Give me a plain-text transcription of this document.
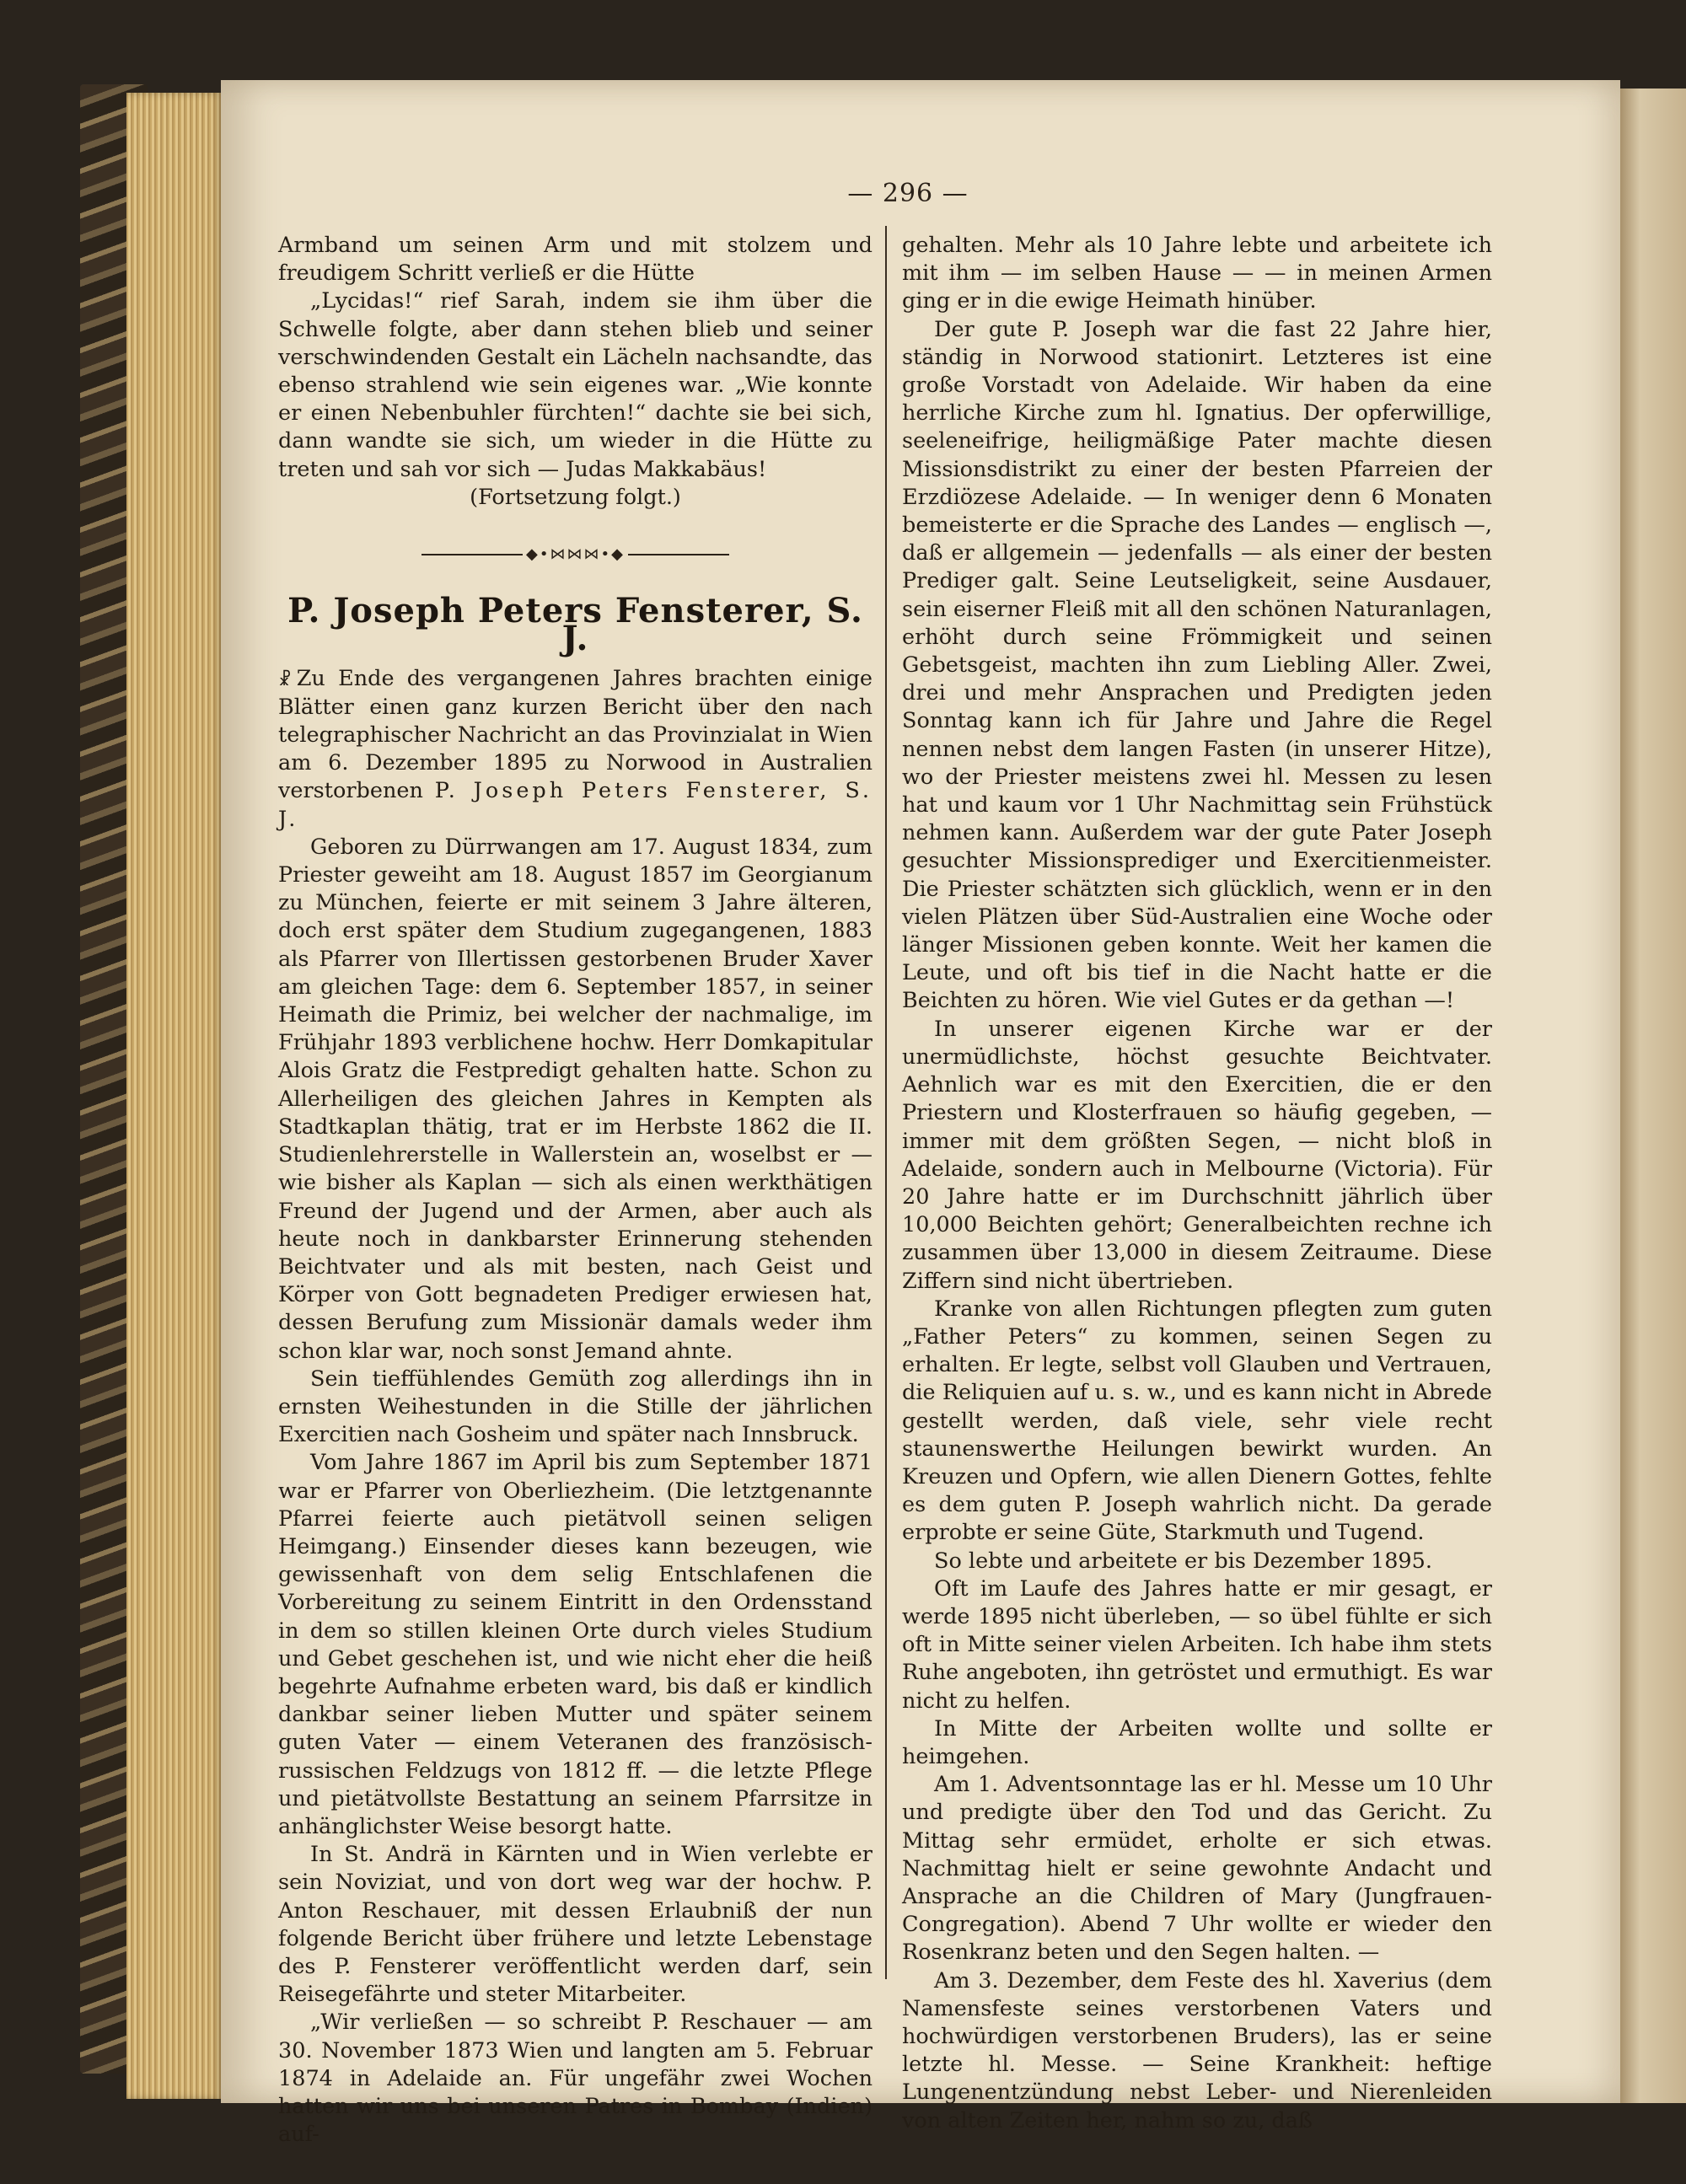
— 296 —

Armband um seinen Arm und mit stolzem und freudigem Schritt verließ er die Hütte

„Lycidas!“ rief Sarah, indem sie ihm über die Schwelle folgte, aber dann stehen blieb und seiner verschwindenden Gestalt ein Lächeln nachsandte, das ebenso strahlend wie sein eigenes war. „Wie konnte er einen Nebenbuhler fürchten!“ dachte sie bei sich, dann wandte sie sich, um wieder in die Hütte zu treten und sah vor sich — Judas Makkabäus!

(Fortsetzung folgt.)

◆•⋈⋈⋈•◆
P. Joseph Peters Fensterer, S. J.

☧ Zu Ende des vergangenen Jahres brachten einige Blätter einen ganz kurzen Bericht über den nach telegraphischer Nachricht an das Provinzialat in Wien am 6. Dezember 1895 zu Norwood in Australien verstorbenen P. Joseph Peters Fensterer, S. J.

Geboren zu Dürrwangen am 17. August 1834, zum Priester geweiht am 18. August 1857 im Georgianum zu München, feierte er mit seinem 3 Jahre älteren, doch erst später dem Studium zugegangenen, 1883 als Pfarrer von Illertissen gestorbenen Bruder Xaver am gleichen Tage: dem 6. September 1857, in seiner Heimath die Primiz, bei welcher der nachmalige, im Frühjahr 1893 verblichene hochw. Herr Domkapitular Alois Gratz die Festpredigt gehalten hatte. Schon zu Allerheiligen des gleichen Jahres in Kempten als Stadtkaplan thätig, trat er im Herbste 1862 die II. Studienlehrerstelle in Wallerstein an, woselbst er — wie bisher als Kaplan — sich als einen werkthätigen Freund der Jugend und der Armen, aber auch als heute noch in dankbarster Erinnerung stehenden Beichtvater und als mit besten, nach Geist und Körper von Gott begnadeten Prediger erwiesen hat, dessen Berufung zum Missionär damals weder ihm schon klar war, noch sonst Jemand ahnte.

Sein tieffühlendes Gemüth zog allerdings ihn in ernsten Weihestunden in die Stille der jährlichen Exercitien nach Gosheim und später nach Innsbruck.

Vom Jahre 1867 im April bis zum September 1871 war er Pfarrer von Oberliezheim. (Die letztgenannte Pfarrei feierte auch pietätvoll seinen seligen Heimgang.) Einsender dieses kann bezeugen, wie gewissenhaft von dem selig Entschlafenen die Vorbereitung zu seinem Eintritt in den Ordensstand in dem so stillen kleinen Orte durch vieles Studium und Gebet geschehen ist, und wie nicht eher die heiß begehrte Aufnahme erbeten ward, bis daß er kindlich dankbar seiner lieben Mutter und später seinem guten Vater — einem Veteranen des französisch-russischen Feldzugs von 1812 ff. — die letzte Pflege und pietätvollste Bestattung an seinem Pfarrsitze in anhänglichster Weise besorgt hatte.

In St. Andrä in Kärnten und in Wien verlebte er sein Noviziat, und von dort weg war der hochw. P. Anton Reschauer, mit dessen Erlaubniß der nun folgende Bericht über frühere und letzte Lebenstage des P. Fensterer veröffentlicht werden darf, sein Reisegefährte und steter Mitarbeiter.

„Wir verließen — so schreibt P. Reschauer — am 30. November 1873 Wien und langten am 5. Februar 1874 in Adelaide an. Für ungefähr zwei Wochen hatten wir uns bei unseren Patres in Bombay (Indien) auf-

gehalten. Mehr als 10 Jahre lebte und arbeitete ich mit ihm — im selben Hause — — in meinen Armen ging er in die ewige Heimath hinüber.

Der gute P. Joseph war die fast 22 Jahre hier, ständig in Norwood stationirt. Letzteres ist eine große Vorstadt von Adelaide. Wir haben da eine herrliche Kirche zum hl. Ignatius. Der opferwillige, seeleneifrige, heiligmäßige Pater machte diesen Missionsdistrikt zu einer der besten Pfarreien der Erzdiözese Adelaide. — In weniger denn 6 Monaten bemeisterte er die Sprache des Landes — englisch —, daß er allgemein — jedenfalls — als einer der besten Prediger galt. Seine Leutseligkeit, seine Ausdauer, sein eiserner Fleiß mit all den schönen Naturanlagen, erhöht durch seine Frömmigkeit und seinen Gebetsgeist, machten ihn zum Liebling Aller. Zwei, drei und mehr Ansprachen und Predigten jeden Sonntag kann ich für Jahre und Jahre die Regel nennen nebst dem langen Fasten (in unserer Hitze), wo der Priester meistens zwei hl. Messen zu lesen hat und kaum vor 1 Uhr Nachmittag sein Frühstück nehmen kann. Außerdem war der gute Pater Joseph gesuchter Missionsprediger und Exercitienmeister. Die Priester schätzten sich glücklich, wenn er in den vielen Plätzen über Süd-Australien eine Woche oder länger Missionen geben konnte. Weit her kamen die Leute, und oft bis tief in die Nacht hatte er die Beichten zu hören. Wie viel Gutes er da gethan —!

In unserer eigenen Kirche war er der unermüdlichste, höchst gesuchte Beichtvater. Aehnlich war es mit den Exercitien, die er den Priestern und Klosterfrauen so häufig gegeben, — immer mit dem größten Segen, — nicht bloß in Adelaide, sondern auch in Melbourne (Victoria). Für 20 Jahre hatte er im Durchschnitt jährlich über 10,000 Beichten gehört; Generalbeichten rechne ich zusammen über 13,000 in diesem Zeitraume. Diese Ziffern sind nicht übertrieben.

Kranke von allen Richtungen pflegten zum guten „Father Peters“ zu kommen, seinen Segen zu erhalten. Er legte, selbst voll Glauben und Vertrauen, die Reliquien auf u. s. w., und es kann nicht in Abrede gestellt werden, daß viele, sehr viele recht staunenswerthe Heilungen bewirkt wurden. An Kreuzen und Opfern, wie allen Dienern Gottes, fehlte es dem guten P. Joseph wahrlich nicht. Da gerade erprobte er seine Güte, Starkmuth und Tugend.

So lebte und arbeitete er bis Dezember 1895.

Oft im Laufe des Jahres hatte er mir gesagt, er werde 1895 nicht überleben, — so übel fühlte er sich oft in Mitte seiner vielen Arbeiten. Ich habe ihm stets Ruhe angeboten, ihn getröstet und ermuthigt. Es war nicht zu helfen.

In Mitte der Arbeiten wollte und sollte er heimgehen.

Am 1. Adventsonntage las er hl. Messe um 10 Uhr und predigte über den Tod und das Gericht. Zu Mittag sehr ermüdet, erholte er sich etwas. Nachmittag hielt er seine gewohnte Andacht und Ansprache an die Children of Mary (Jungfrauen-Congregation). Abend 7 Uhr wollte er wieder den Rosenkranz beten und den Segen halten. —

Am 3. Dezember, dem Feste des hl. Xaverius (dem Namensfeste seines verstorbenen Vaters und hochwürdigen verstorbenen Bruders), las er seine letzte hl. Messe. — Seine Krankheit: heftige Lungenentzündung nebst Leber- und Nierenleiden von alten Zeiten her, nahm so zu, daß
